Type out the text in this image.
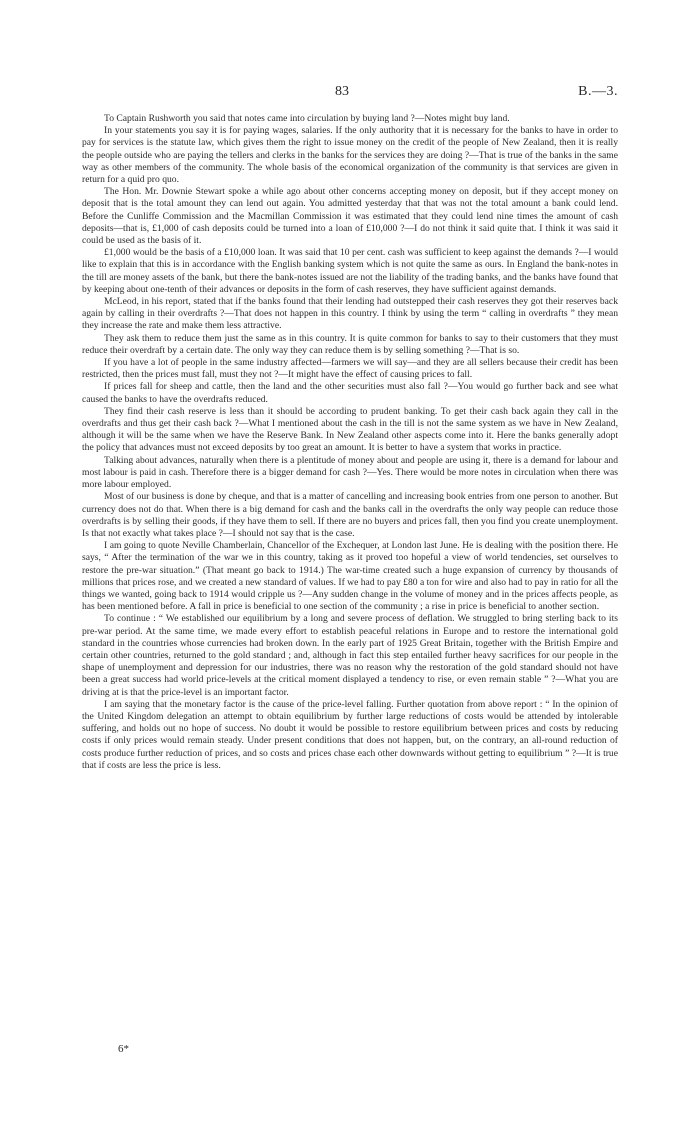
83	B.—3.

To Captain Rushworth you said that notes came into circulation by buying land ?—Notes might buy land.

In your statements you say it is for paying wages, salaries. If the only authority that it is necessary for the banks to have in order to pay for services is the statute law, which gives them the right to issue money on the credit of the people of New Zealand, then it is really the people outside who are paying the tellers and clerks in the banks for the services they are doing ?—That is true of the banks in the same way as other members of the community. The whole basis of the economical organization of the community is that services are given in return for a quid pro quo.

The Hon. Mr. Downie Stewart spoke a while ago about other concerns accepting money on deposit, but if they accept money on deposit that is the total amount they can lend out again. You admitted yesterday that that was not the total amount a bank could lend. Before the Cunliffe Commission and the Macmillan Commission it was estimated that they could lend nine times the amount of cash deposits—that is, £1,000 of cash deposits could be turned into a loan of £10,000 ?—I do not think it said quite that. I think it was said it could be used as the basis of it.

£1,000 would be the basis of a £10,000 loan. It was said that 10 per cent. cash was sufficient to keep against the demands ?—I would like to explain that this is in accordance with the English banking system which is not quite the same as ours. In England the bank-notes in the till are money assets of the bank, but there the bank-notes issued are not the liability of the trading banks, and the banks have found that by keeping about one-tenth of their advances or deposits in the form of cash reserves, they have sufficient against demands.

McLeod, in his report, stated that if the banks found that their lending had outstepped their cash reserves they got their reserves back again by calling in their overdrafts ?—That does not happen in this country. I think by using the term “ calling in overdrafts ” they mean they increase the rate and make them less attractive.

They ask them to reduce them just the same as in this country. It is quite common for banks to say to their customers that they must reduce their overdraft by a certain date. The only way they can reduce them is by selling something ?—That is so.

If you have a lot of people in the same industry affected—farmers we will say—and they are all sellers because their credit has been restricted, then the prices must fall, must they not ?—It might have the effect of causing prices to fall.

If prices fall for sheep and cattle, then the land and the other securities must also fall ?—You would go further back and see what caused the banks to have the overdrafts reduced.

They find their cash reserve is less than it should be according to prudent banking. To get their cash back again they call in the overdrafts and thus get their cash back ?—What I mentioned about the cash in the till is not the same system as we have in New Zealand, although it will be the same when we have the Reserve Bank. In New Zealand other aspects come into it. Here the banks generally adopt the policy that advances must not exceed deposits by too great an amount. It is better to have a system that works in practice.

Talking about advances, naturally when there is a plentitude of money about and people are using it, there is a demand for labour and most labour is paid in cash. Therefore there is a bigger demand for cash ?—Yes. There would be more notes in circulation when there was more labour employed.

Most of our business is done by cheque, and that is a matter of cancelling and increasing book entries from one person to another. But currency does not do that. When there is a big demand for cash and the banks call in the overdrafts the only way people can reduce those overdrafts is by selling their goods, if they have them to sell. If there are no buyers and prices fall, then you find you create unemployment. Is that not exactly what takes place ?—I should not say that is the case.

I am going to quote Neville Chamberlain, Chancellor of the Exchequer, at London last June. He is dealing with the position there. He says, “ After the termination of the war we in this country, taking as it proved too hopeful a view of world tendencies, set ourselves to restore the pre-war situation.” (That meant go back to 1914.) The war-time created such a huge expansion of currency by thousands of millions that prices rose, and we created a new standard of values. If we had to pay £80 a ton for wire and also had to pay in ratio for all the things we wanted, going back to 1914 would cripple us ?—Any sudden change in the volume of money and in the prices affects people, as has been mentioned before. A fall in price is beneficial to one section of the community ; a rise in price is beneficial to another section.

To continue : “ We established our equilibrium by a long and severe process of deflation. We struggled to bring sterling back to its pre-war period. At the same time, we made every effort to establish peaceful relations in Europe and to restore the international gold standard in the countries whose currencies had broken down. In the early part of 1925 Great Britain, together with the British Empire and certain other countries, returned to the gold standard ; and, although in fact this step entailed further heavy sacrifices for our people in the shape of unemployment and depression for our industries, there was no reason why the restoration of the gold standard should not have been a great success had world price-levels at the critical moment displayed a tendency to rise, or even remain stable ” ?—What you are driving at is that the price-level is an important factor.

I am saying that the monetary factor is the cause of the price-level falling. Further quotation from above report : “ In the opinion of the United Kingdom delegation an attempt to obtain equilibrium by further large reductions of costs would be attended by intolerable suffering, and holds out no hope of success. No doubt it would be possible to restore equilibrium between prices and costs by reducing costs if only prices would remain steady. Under present conditions that does not happen, but, on the contrary, an all-round reduction of costs produce further reduction of prices, and so costs and prices chase each other downwards without getting to equilibrium ” ?—It is true that if costs are less the price is less.

6*
